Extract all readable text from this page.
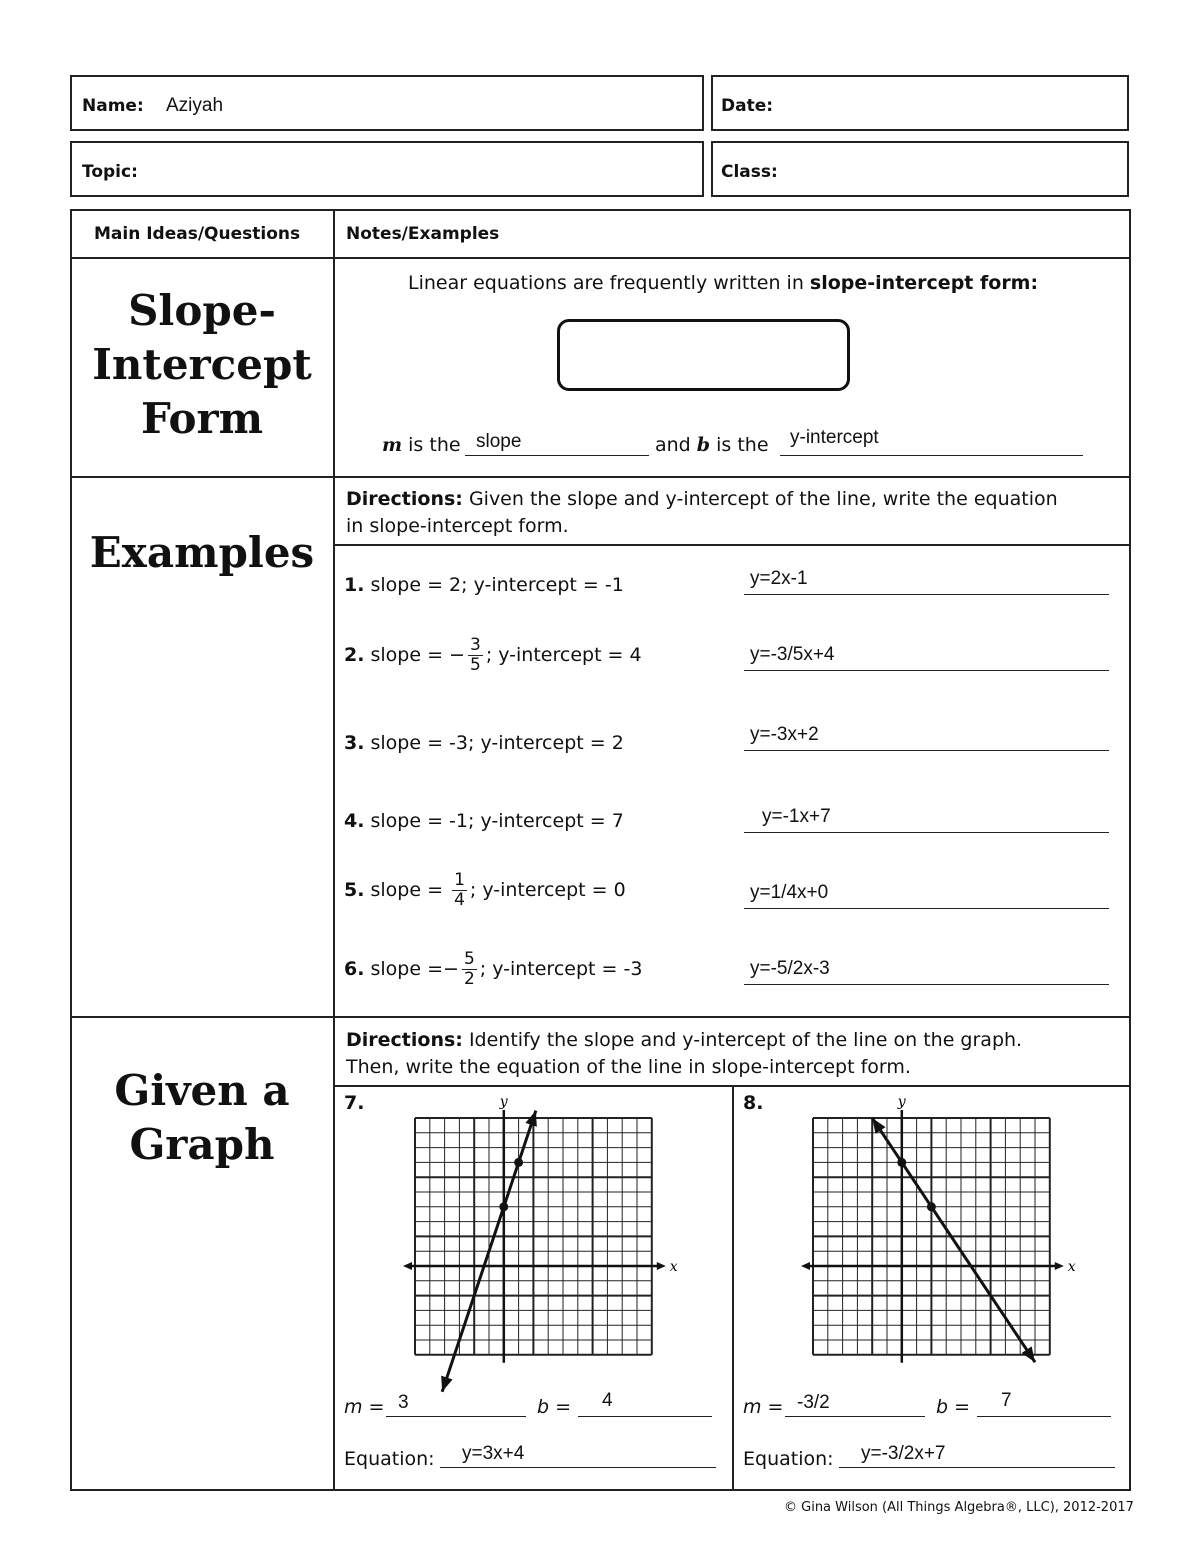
Name: Aziyah	Date:
Topic:	Class:
Main Ideas/Questions	Notes/Examples
Slope-
Intercept
Form
Linear equations are frequently written in slope-intercept form:
m is the slope	and b is the y-intercept
Examples
Directions: Given the slope and y-intercept of the line, write the equation
in slope-intercept form.
1. slope = 2; y-intercept = -1	y=2x-1
2. slope = − $\frac{3}{5}$ ; y-intercept = 4	y=-3/5x+4
3. slope = -3; y-intercept = 2	y=-3x+2
4. slope = -1; y-intercept = 7	y=-1x+7
5. slope = $\frac{1}{4}$ ; y-intercept = 0	y=1/4x+0
6. slope =− $\frac{5}{2}$ ; y-intercept = -3	y=-5/2x-3
Given a
Graph
Directions: Identify the slope and y-intercept of the line on the graph.
Then, write the equation of the line in slope-intercept form.
7.
x
y
m = 3	b = 4
Equation: y=3x+4
8.
x
y
m = -3/2	b = 7
Equation: y=-3/2x+7
© Gina Wilson (All Things Algebra®, LLC), 2012-2017
